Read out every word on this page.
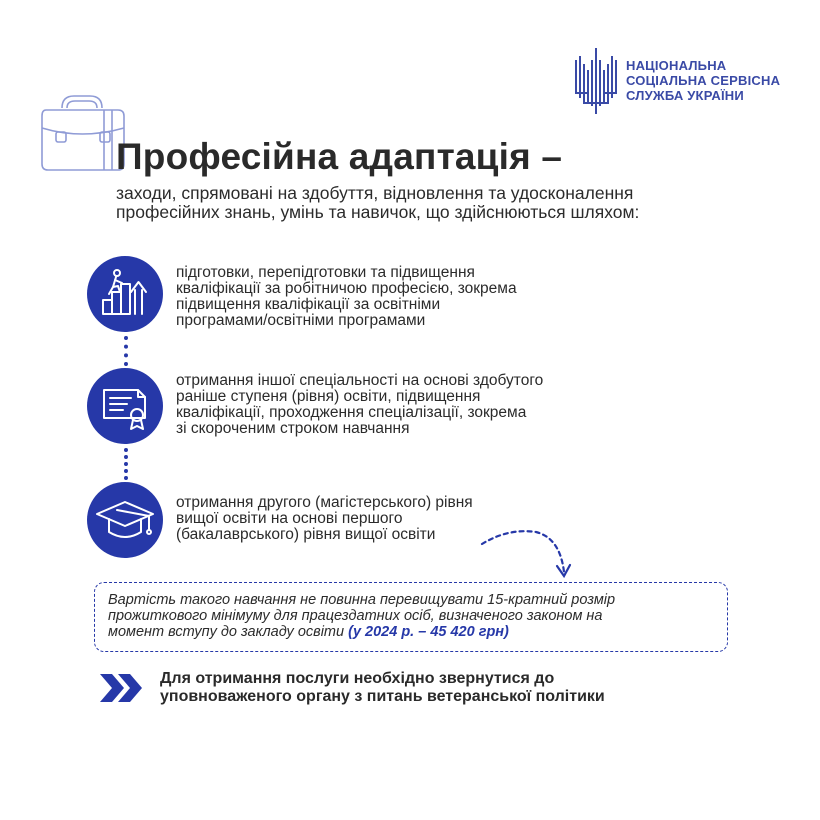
НАЦІОНАЛЬНА
СОЦІАЛЬНА СЕРВІСНА
СЛУЖБА УКРАЇНИ
Професійна адаптація –
заходи, спрямовані на здобуття, відновлення та удосконалення
професійних знань, умінь та навичок, що здійснюються шляхом:
підготовки, перепідготовки та підвищення
кваліфікації за робітничою професією, зокрема
підвищення кваліфікації за освітніми
програмами/освітніми програмами
отримання іншої спеціальності на основі здобутого
раніше ступеня (рівня) освіти, підвищення
кваліфікації, проходження спеціалізації, зокрема
зі скороченим строком навчання
отримання другого (магістерського) рівня
вищої освіти на основі першого
(бакалаврського) рівня вищої освіти
Вартість такого навчання не повинна перевищувати 15-кратний розмір
прожиткового мінімуму для працездатних осіб, визначеного законом на
момент вступу до закладу освіти (у 2024 р. – 45 420 грн)
Для отримання послуги необхідно звернутися до
уповноваженого органу з питань ветеранської політики
